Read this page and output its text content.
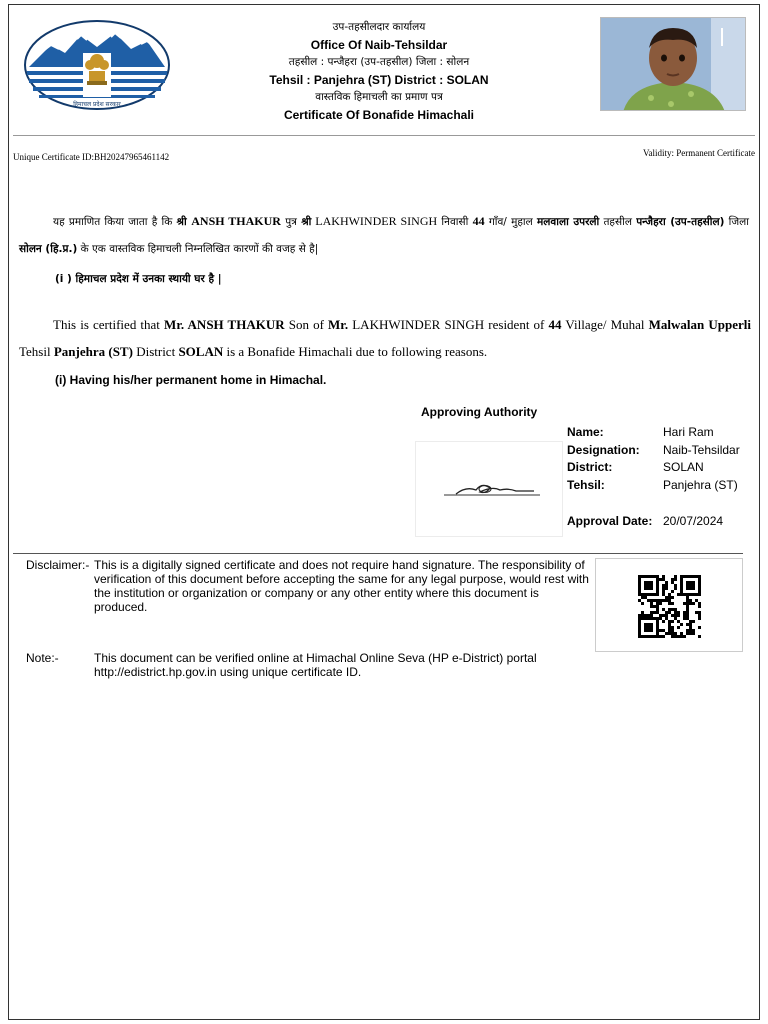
हिमाचल प्रदेश सरकार
उप-तहसीलदार कार्यालय
Office Of Naib-Tehsildar
तहसील : पन्जैहरा (उप-तहसील) जिला : सोलन
Tehsil : Panjehra (ST) District : SOLAN
वास्तविक हिमाचली का प्रमाण पत्र
Certificate Of Bonafide Himachali
Unique Certificate ID:BH20247965461142	Validity: Permanent Certificate
यह प्रमाणित किया जाता है कि श्री ANSH THAKUR पुत्र श्री LAKHWINDER SINGH निवासी 44 गाँव/ मुहाल मलवाला उपरली तहसील पन्जैहरा (उप-तहसील) जिला सोलन (हि.प्र.) के एक वास्तविक हिमाचली निम्नलिखित कारणों की वजह से है|
(i ) हिमाचल प्रदेश में उनका स्थायी घर है |
This is certified that Mr. ANSH THAKUR Son of Mr. LAKHWINDER SINGH resident of 44 Village/ Muhal Malwalan Upperli Tehsil Panjehra (ST) District SOLAN is a Bonafide Himachali due to following reasons.
(i) Having his/her permanent home in Himachal.
Approving Authority
Name:	Hari Ram
Designation: Naib-Tehsildar
District:	SOLAN
Tehsil:	Panjehra (ST)
Approval Date: 20/07/2024
Disclaimer:- This is a digitally signed certificate and does not require hand signature. The responsibility of verification of this document before accepting the same for any legal purpose, would rest with the institution or organization or company or any other entity where this document is produced.
Note:-	This document can be verified online at Himachal Online Seva (HP e-District) portal http://edistrict.hp.gov.in using unique certificate ID.
